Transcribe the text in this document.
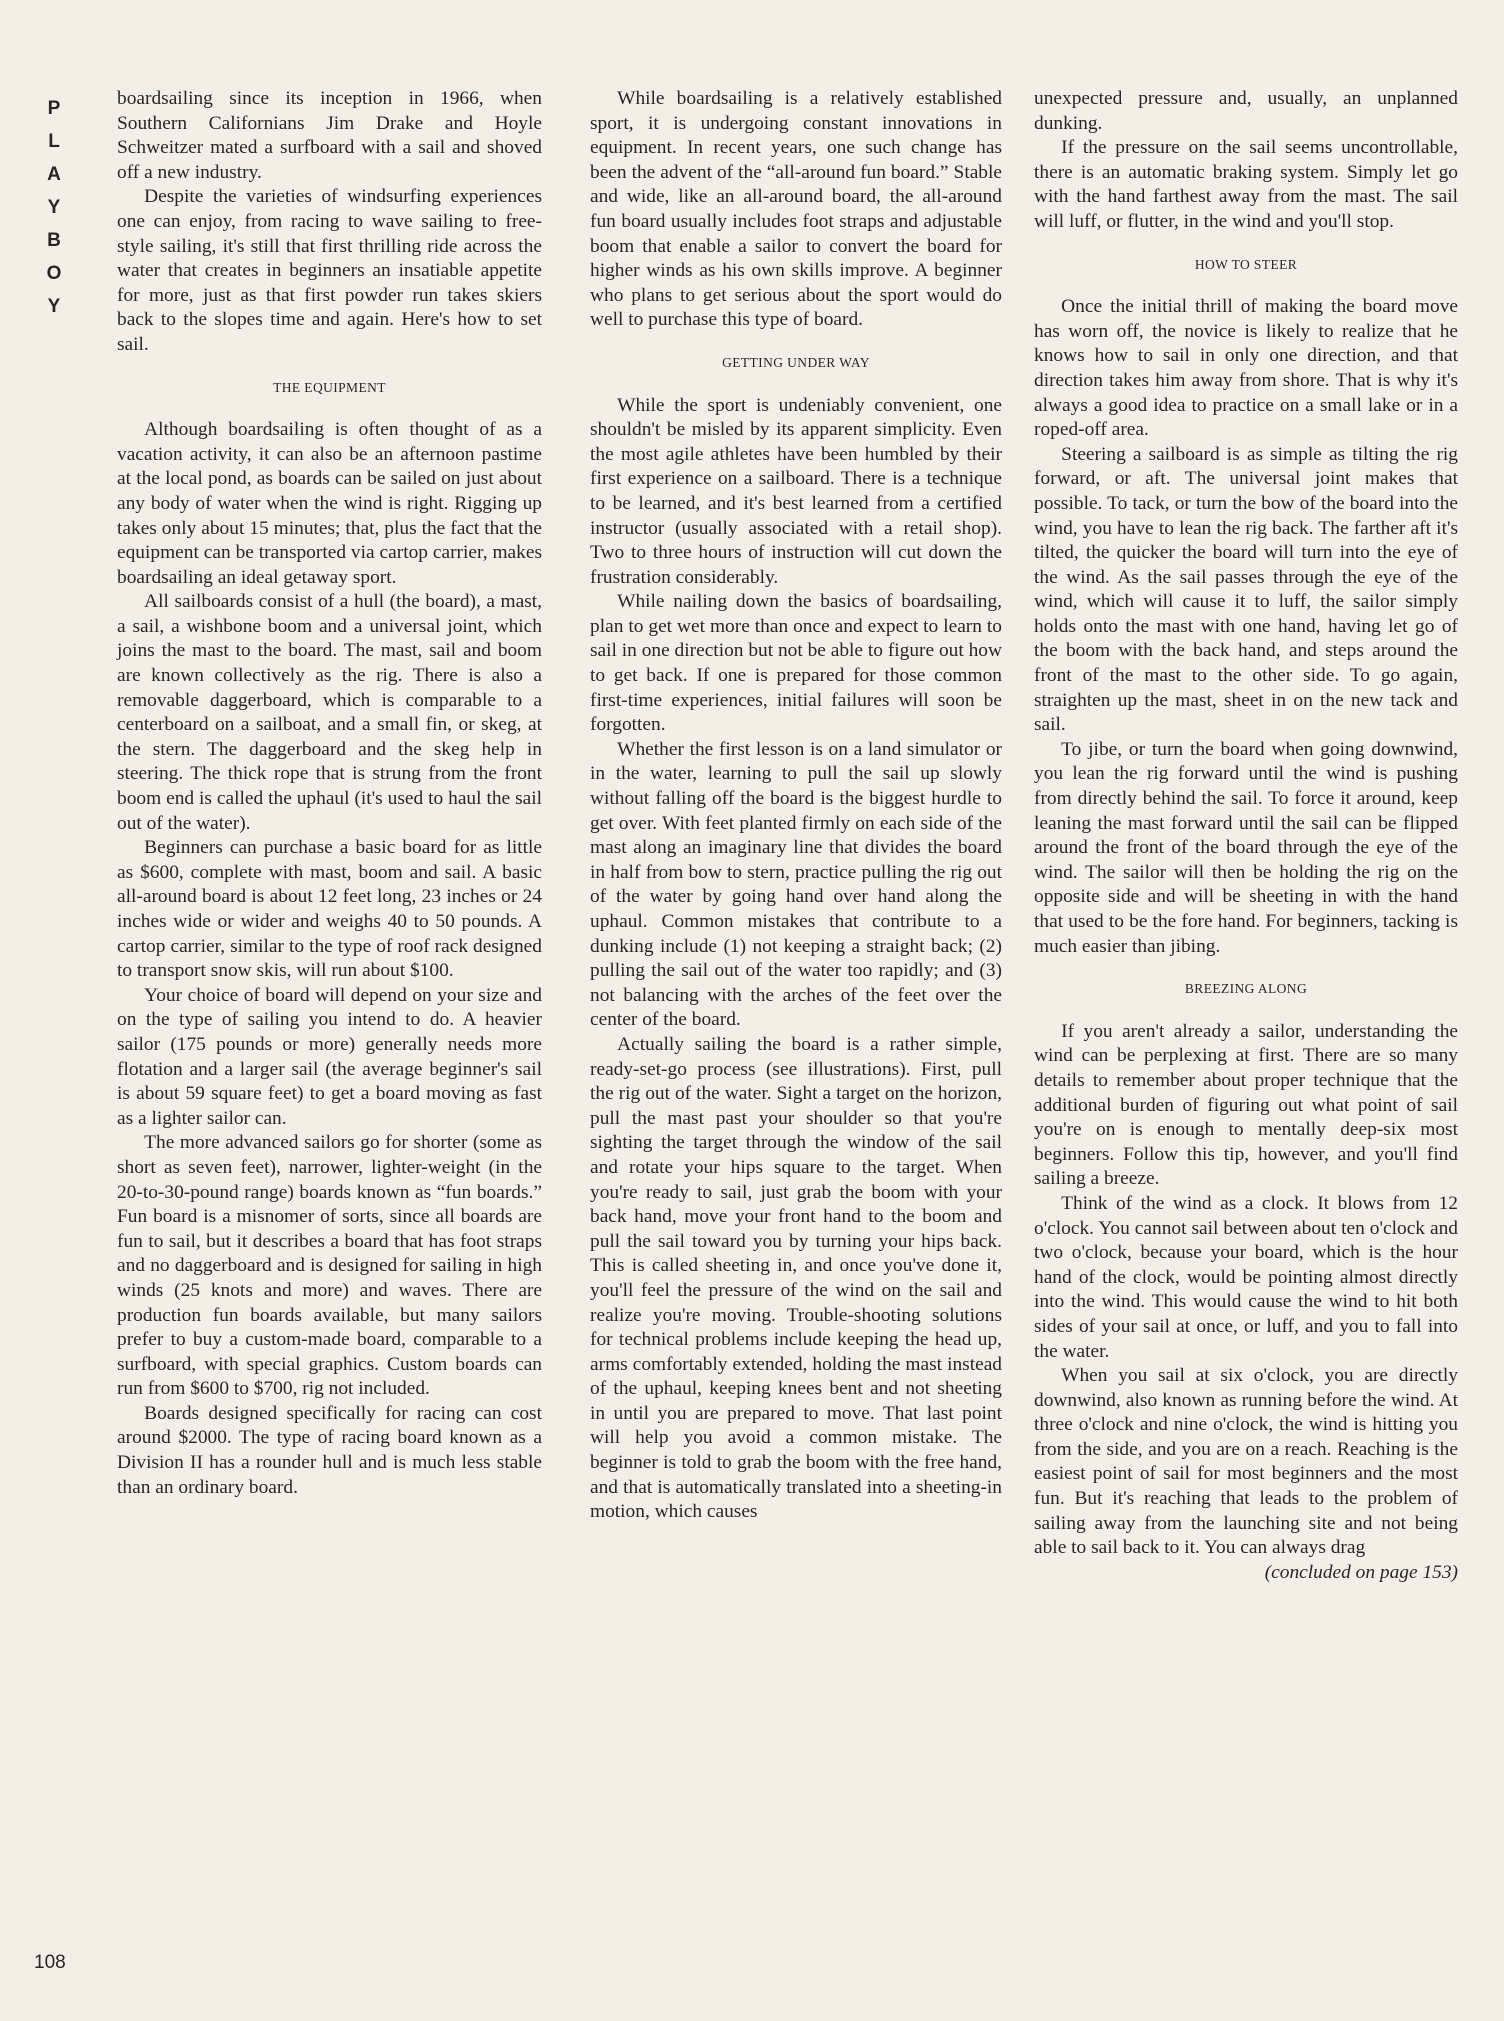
P
L
A
Y
B
O
Y

boardsailing since its inception in 1966, when Southern Californians Jim Drake and Hoyle Schweitzer mated a surfboard with a sail and shoved off a new industry.

Despite the varieties of windsurfing experiences one can enjoy, from racing to wave sailing to free-style sailing, it's still that first thrilling ride across the water that creates in beginners an insatiable appetite for more, just as that first powder run takes skiers back to the slopes time and again. Here's how to set sail.

THE EQUIPMENT

Although boardsailing is often thought of as a vacation activity, it can also be an afternoon pastime at the local pond, as boards can be sailed on just about any body of water when the wind is right. Rigging up takes only about 15 minutes; that, plus the fact that the equipment can be transported via cartop carrier, makes boardsailing an ideal getaway sport.

All sailboards consist of a hull (the board), a mast, a sail, a wishbone boom and a universal joint, which joins the mast to the board. The mast, sail and boom are known collectively as the rig. There is also a removable daggerboard, which is comparable to a centerboard on a sailboat, and a small fin, or skeg, at the stern. The daggerboard and the skeg help in steering. The thick rope that is strung from the front boom end is called the uphaul (it's used to haul the sail out of the water).

Beginners can purchase a basic board for as little as $600, complete with mast, boom and sail. A basic all-around board is about 12 feet long, 23 inches or 24 inches wide or wider and weighs 40 to 50 pounds. A cartop carrier, similar to the type of roof rack designed to transport snow skis, will run about $100.

Your choice of board will depend on your size and on the type of sailing you intend to do. A heavier sailor (175 pounds or more) generally needs more flotation and a larger sail (the average beginner's sail is about 59 square feet) to get a board moving as fast as a lighter sailor can.

The more advanced sailors go for shorter (some as short as seven feet), narrower, lighter-weight (in the 20-to-30-pound range) boards known as “fun boards.” Fun board is a misnomer of sorts, since all boards are fun to sail, but it describes a board that has foot straps and no daggerboard and is designed for sailing in high winds (25 knots and more) and waves. There are production fun boards available, but many sailors prefer to buy a custom-made board, comparable to a surfboard, with special graphics. Custom boards can run from $600 to $700, rig not included.

Boards designed specifically for racing can cost around $2000. The type of racing board known as a Division II has a rounder hull and is much less stable than an ordinary board.

While boardsailing is a relatively established sport, it is undergoing constant innovations in equipment. In recent years, one such change has been the advent of the “all-around fun board.” Stable and wide, like an all-around board, the all-around fun board usually includes foot straps and adjustable boom that enable a sailor to convert the board for higher winds as his own skills improve. A beginner who plans to get serious about the sport would do well to purchase this type of board.

GETTING UNDER WAY

While the sport is undeniably convenient, one shouldn't be misled by its apparent simplicity. Even the most agile athletes have been humbled by their first experience on a sailboard. There is a technique to be learned, and it's best learned from a certified instructor (usually associated with a retail shop). Two to three hours of instruction will cut down the frustration considerably.

While nailing down the basics of boardsailing, plan to get wet more than once and expect to learn to sail in one direction but not be able to figure out how to get back. If one is prepared for those common first-time experiences, initial failures will soon be forgotten.

Whether the first lesson is on a land simulator or in the water, learning to pull the sail up slowly without falling off the board is the biggest hurdle to get over. With feet planted firmly on each side of the mast along an imaginary line that divides the board in half from bow to stern, practice pulling the rig out of the water by going hand over hand along the uphaul. Common mistakes that contribute to a dunking include (1) not keeping a straight back; (2) pulling the sail out of the water too rapidly; and (3) not balancing with the arches of the feet over the center of the board.

Actually sailing the board is a rather simple, ready-set-go process (see illustrations). First, pull the rig out of the water. Sight a target on the horizon, pull the mast past your shoulder so that you're sighting the target through the window of the sail and rotate your hips square to the target. When you're ready to sail, just grab the boom with your back hand, move your front hand to the boom and pull the sail toward you by turning your hips back. This is called sheeting in, and once you've done it, you'll feel the pressure of the wind on the sail and realize you're moving. Trouble-shooting solutions for technical problems include keeping the head up, arms comfortably extended, holding the mast instead of the uphaul, keeping knees bent and not sheeting in until you are prepared to move. That last point will help you avoid a common mistake. The beginner is told to grab the boom with the free hand, and that is automatically translated into a sheeting-in motion, which causes

unexpected pressure and, usually, an unplanned dunking.

If the pressure on the sail seems uncontrollable, there is an automatic braking system. Simply let go with the hand farthest away from the mast. The sail will luff, or flutter, in the wind and you'll stop.

HOW TO STEER

Once the initial thrill of making the board move has worn off, the novice is likely to realize that he knows how to sail in only one direction, and that direction takes him away from shore. That is why it's always a good idea to practice on a small lake or in a roped-off area.

Steering a sailboard is as simple as tilting the rig forward, or aft. The universal joint makes that possible. To tack, or turn the bow of the board into the wind, you have to lean the rig back. The farther aft it's tilted, the quicker the board will turn into the eye of the wind. As the sail passes through the eye of the wind, which will cause it to luff, the sailor simply holds onto the mast with one hand, having let go of the boom with the back hand, and steps around the front of the mast to the other side. To go again, straighten up the mast, sheet in on the new tack and sail.

To jibe, or turn the board when going downwind, you lean the rig forward until the wind is pushing from directly behind the sail. To force it around, keep leaning the mast forward until the sail can be flipped around the front of the board through the eye of the wind. The sailor will then be holding the rig on the opposite side and will be sheeting in with the hand that used to be the fore hand. For beginners, tacking is much easier than jibing.

BREEZING ALONG

If you aren't already a sailor, understanding the wind can be perplexing at first. There are so many details to remember about proper technique that the additional burden of figuring out what point of sail you're on is enough to mentally deep-six most beginners. Follow this tip, however, and you'll find sailing a breeze.

Think of the wind as a clock. It blows from 12 o'clock. You cannot sail between about ten o'clock and two o'clock, because your board, which is the hour hand of the clock, would be pointing almost directly into the wind. This would cause the wind to hit both sides of your sail at once, or luff, and you to fall into the water.

When you sail at six o'clock, you are directly downwind, also known as running before the wind. At three o'clock and nine o'clock, the wind is hitting you from the side, and you are on a reach. Reaching is the easiest point of sail for most beginners and the most fun. But it's reaching that leads to the problem of sailing away from the launching site and not being able to sail back to it. You can always drag

(concluded on page 153)

108
